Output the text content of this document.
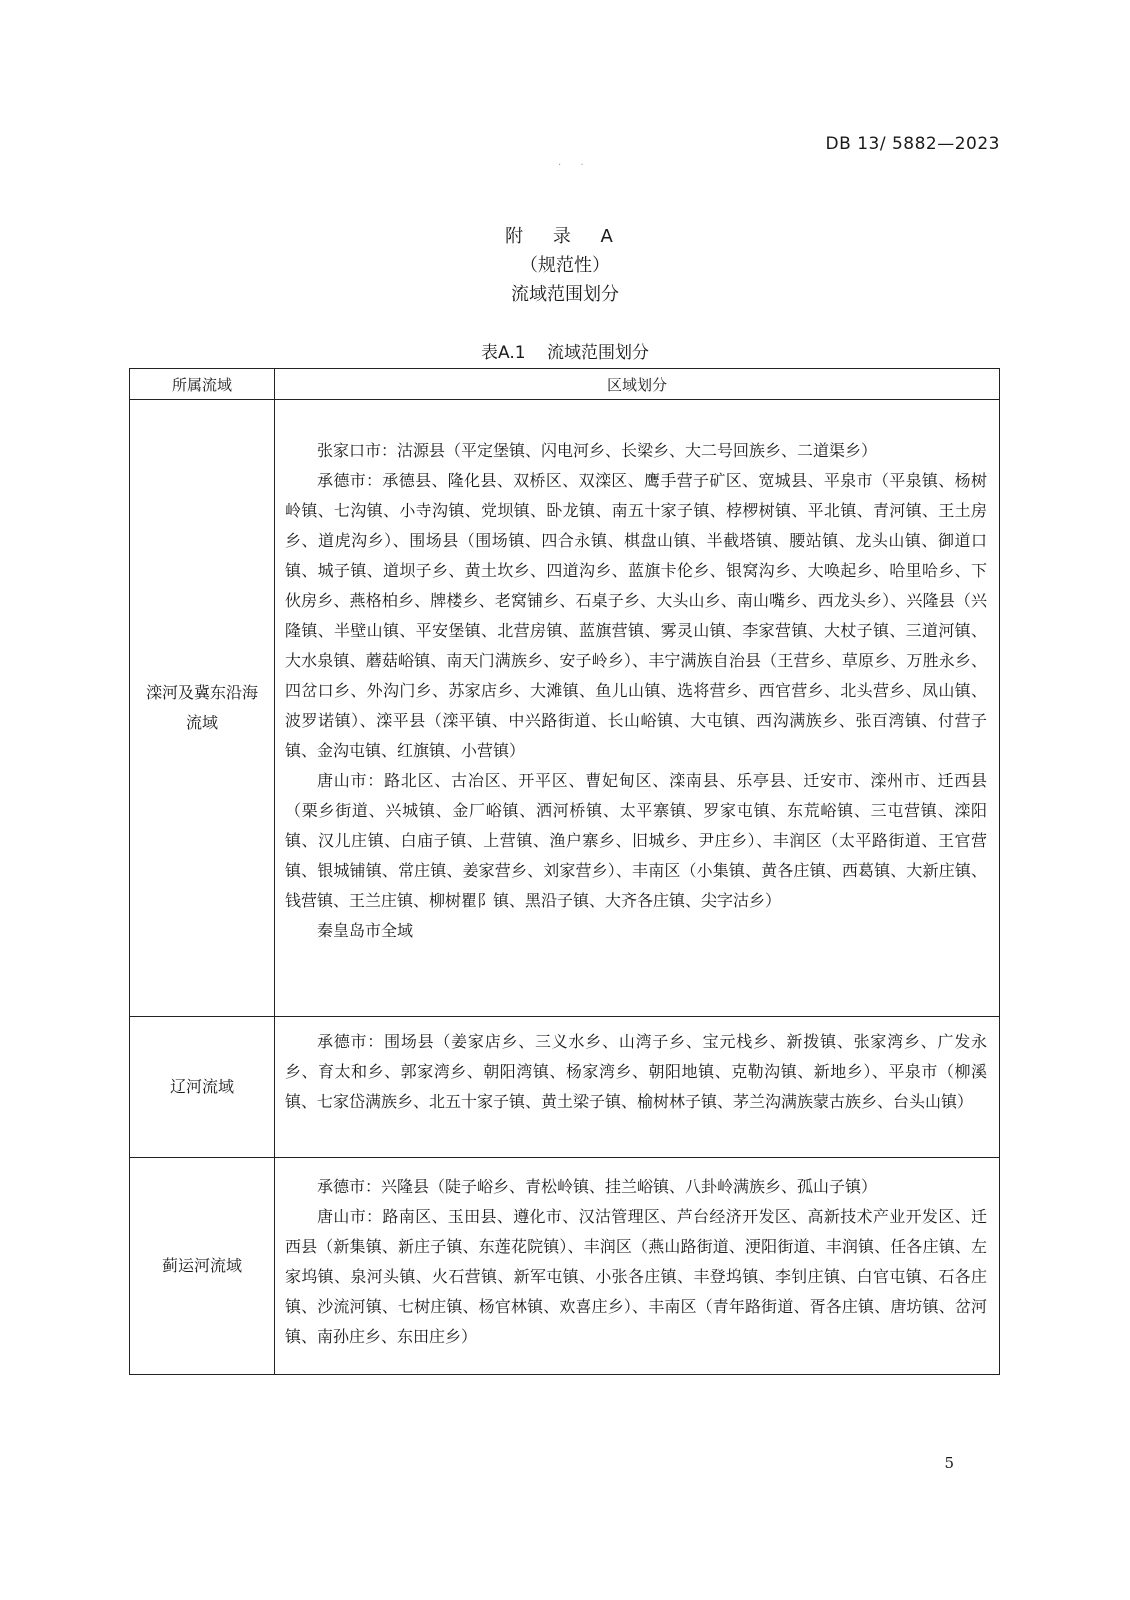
DB 13/ 5882—2023
· ·
附 录 A
（规范性）
流域范围划分
表A.1 流域范围划分
所属流域	区域划分
滦河及冀东沿海流域	张家口市：沽源县（平定堡镇、闪电河乡、长梁乡、大二号回族乡、二道渠乡）
承德市：承德县、隆化县、双桥区、双滦区、鹰手营子矿区、宽城县、平泉市（平泉镇、杨树岭镇、七沟镇、小寺沟镇、党坝镇、卧龙镇、南五十家子镇、桲椤树镇、平北镇、青河镇、王土房乡、道虎沟乡）、围场县（围场镇、四合永镇、棋盘山镇、半截塔镇、腰站镇、龙头山镇、御道口镇、城子镇、道坝子乡、黄土坎乡、四道沟乡、蓝旗卡伦乡、银窝沟乡、大唤起乡、哈里哈乡、下伙房乡、燕格柏乡、牌楼乡、老窝铺乡、石桌子乡、大头山乡、南山嘴乡、西龙头乡）、兴隆县（兴隆镇、半壁山镇、平安堡镇、北营房镇、蓝旗营镇、雾灵山镇、李家营镇、大杖子镇、三道河镇、大水泉镇、蘑菇峪镇、南天门满族乡、安子岭乡）、丰宁满族自治县（王营乡、草原乡、万胜永乡、四岔口乡、外沟门乡、苏家店乡、大滩镇、鱼儿山镇、选将营乡、西官营乡、北头营乡、凤山镇、波罗诺镇）、滦平县（滦平镇、中兴路街道、长山峪镇、大屯镇、西沟满族乡、张百湾镇、付营子镇、金沟屯镇、红旗镇、小营镇）
唐山市：路北区、古冶区、开平区、曹妃甸区、滦南县、乐亭县、迁安市、滦州市、迁西县（栗乡街道、兴城镇、金厂峪镇、洒河桥镇、太平寨镇、罗家屯镇、东荒峪镇、三屯营镇、滦阳镇、汉儿庄镇、白庙子镇、上营镇、渔户寨乡、旧城乡、尹庄乡）、丰润区（太平路街道、王官营镇、银城铺镇、常庄镇、姜家营乡、刘家营乡）、丰南区（小集镇、黄各庄镇、西葛镇、大新庄镇、钱营镇、王兰庄镇、柳树瞿阝镇、黑沿子镇、大齐各庄镇、尖字沽乡）
秦皇岛市全域

辽河流域	承德市：围场县（姜家店乡、三义水乡、山湾子乡、宝元栈乡、新拨镇、张家湾乡、广发永乡、育太和乡、郭家湾乡、朝阳湾镇、杨家湾乡、朝阳地镇、克勒沟镇、新地乡）、平泉市（柳溪镇、七家岱满族乡、北五十家子镇、黄土梁子镇、榆树林子镇、茅兰沟满族蒙古族乡、台头山镇）

蓟运河流域	承德市：兴隆县（陡子峪乡、青松岭镇、挂兰峪镇、八卦岭满族乡、孤山子镇）
唐山市：路南区、玉田县、遵化市、汉沽管理区、芦台经济开发区、高新技术产业开发区、迁西县（新集镇、新庄子镇、东莲花院镇）、丰润区（燕山路街道、浭阳街道、丰润镇、任各庄镇、左家坞镇、泉河头镇、火石营镇、新军屯镇、小张各庄镇、丰登坞镇、李钊庄镇、白官屯镇、石各庄镇、沙流河镇、七树庄镇、杨官林镇、欢喜庄乡）、丰南区（青年路街道、胥各庄镇、唐坊镇、岔河镇、南孙庄乡、东田庄乡）
5
